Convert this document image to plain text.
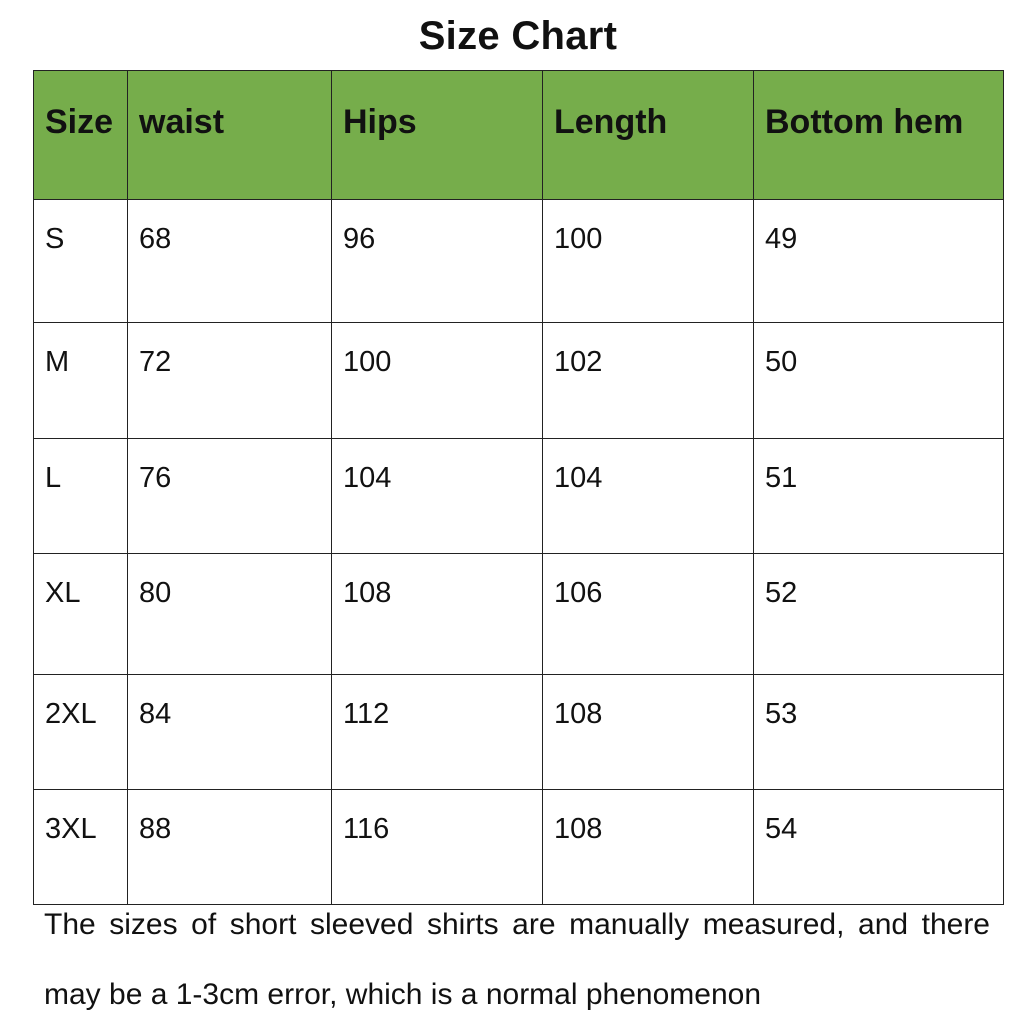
Size Chart
Size	waist	Hips	Length	Bottom hem
S	68	96	100	49
M	72	100	102	50
L	76	104	104	51
XL	80	108	106	52
2XL	84	112	108	53
3XL	88	116	108	54
The sizes of short sleeved shirts are manually measured, and there may be a 1-3cm error, which is a normal phenomenon
